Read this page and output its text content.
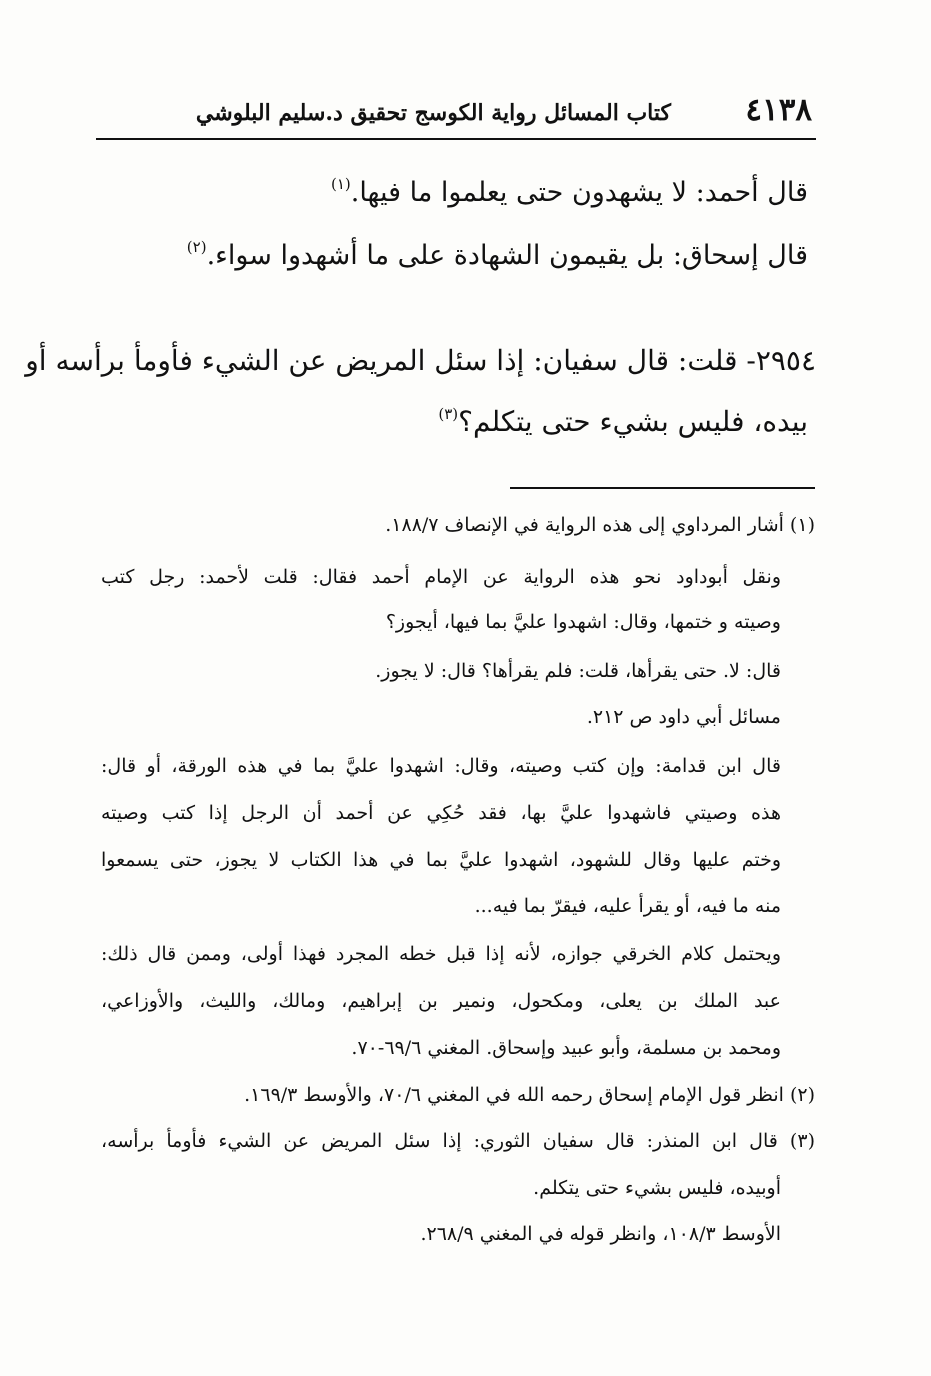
٤١٣٨
كتاب المسائل رواية الكوسج تحقيق د.سليم البلوشي
قال أحمد: لا يشهدون حتى يعلموا ما فيها.$^{(١)}$
قال إسحاق: بل يقيمون الشهادة على ما أشهدوا سواء.$^{(٢)}$
٢٩٥٤- قلت: قال سفيان: إذا سئل المريض عن الشيء فأومأ برأسه أو
بيده، فليس بشيء حتى يتكلم؟$^{(٣)}$
(١) أشار المرداوي إلى هذه الرواية في الإنصاف ١٨٨/٧.
ونقل أبوداود نحو هذه الرواية عن الإمام أحمد فقال: قلت لأحمد: رجل كتب
وصيته و ختمها، وقال: اشهدوا عليَّ بما فيها، أيجوز؟
قال: لا. حتى يقرأها، قلت: فلم يقرأها؟ قال: لا يجوز.
مسائل أبي داود ص ٢١٢.
قال ابن قدامة: وإن كتب وصيته، وقال: اشهدوا عليَّ بما في هذه الورقة، أو قال:
هذه وصيتي فاشهدوا عليَّ بها، فقد حُكِي عن أحمد أن الرجل إذا كتب وصيته
وختم عليها وقال للشهود، اشهدوا عليَّ بما في هذا الكتاب لا يجوز، حتى يسمعوا
منه ما فيه، أو يقرأ عليه، فيقرّ بما فيه...
ويحتمل كلام الخرقي جوازه، لأنه إذا قبل خطه المجرد فهذا أولى، وممن قال ذلك:
عبد الملك بن يعلى، ومكحول، ونمير بن إبراهيم، ومالك، والليث، والأوزاعي،
ومحمد بن مسلمة، وأبو عبيد وإسحاق. المغني ٦٩/٦-٧٠.
(٢) انظر قول الإمام إسحاق رحمه الله في المغني ٧٠/٦، والأوسط ١٦٩/٣.
(٣) قال ابن المنذر: قال سفيان الثوري: إذا سئل المريض عن الشيء فأومأ برأسه،
أوبيده، فليس بشيء حتى يتكلم.
الأوسط ١٠٨/٣، وانظر قوله في المغني ٢٦٨/٩.
